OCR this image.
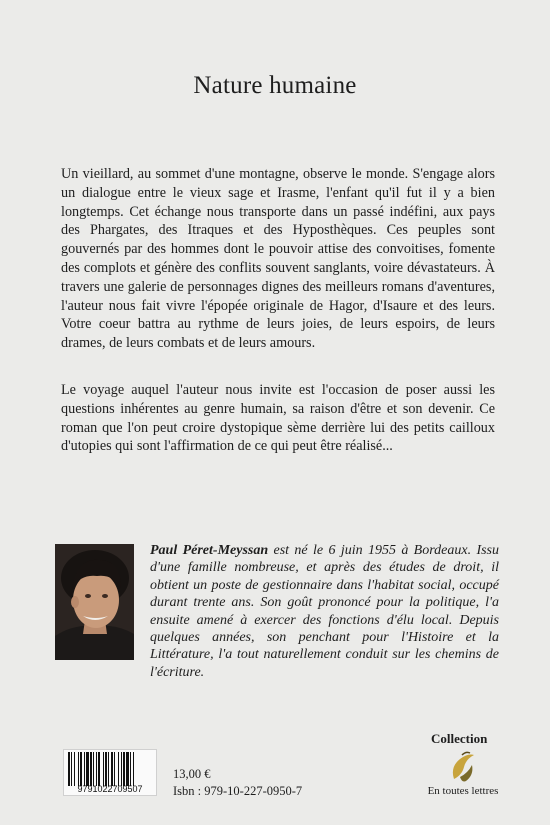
Nature humaine

Un vieillard, au sommet d'une montagne, observe le monde. S'engage alors un dialogue entre le vieux sage et Irasme, l'enfant qu'il fut il y a bien longtemps. Cet échange nous transporte dans un passé indéfini, aux pays des Phargates, des Itraques et des Hyposthèques. Ces peuples sont gouvernés par des hommes dont le pouvoir attise des convoitises, fomente des complots et génère des conflits souvent sanglants, voire dévastateurs. À travers une galerie de personnages dignes des meilleurs romans d'aventures, l'auteur nous fait vivre l'épopée originale de Hagor, d'Isaure et des leurs. Votre coeur battra au rythme de leurs joies, de leurs espoirs, de leurs drames, de leurs combats et de leurs amours.

Le voyage auquel l'auteur nous invite est l'occasion de poser aussi les questions inhérentes au genre humain, sa raison d'être et son devenir. Ce roman que l'on peut croire dystopique sème derrière lui des petits cailloux d'utopies qui sont l'affirmation de ce qui peut être réalisé...

Paul Péret-Meyssan est né le 6 juin 1955 à Bordeaux. Issu d'une famille nombreuse, et après des études de droit, il obtient un poste de gestionnaire dans l'habitat social, occupé durant trente ans. Son goût prononcé pour la politique, l'a ensuite amené à exercer des fonctions d'élu local. Depuis quelques années, son penchant pour l'Histoire et la Littérature, l'a tout naturellement conduit sur les chemins de l'écriture.

Collection
9791022709507

13,00 €

Isbn : 979-10-227-0950-7	En toutes lettres
